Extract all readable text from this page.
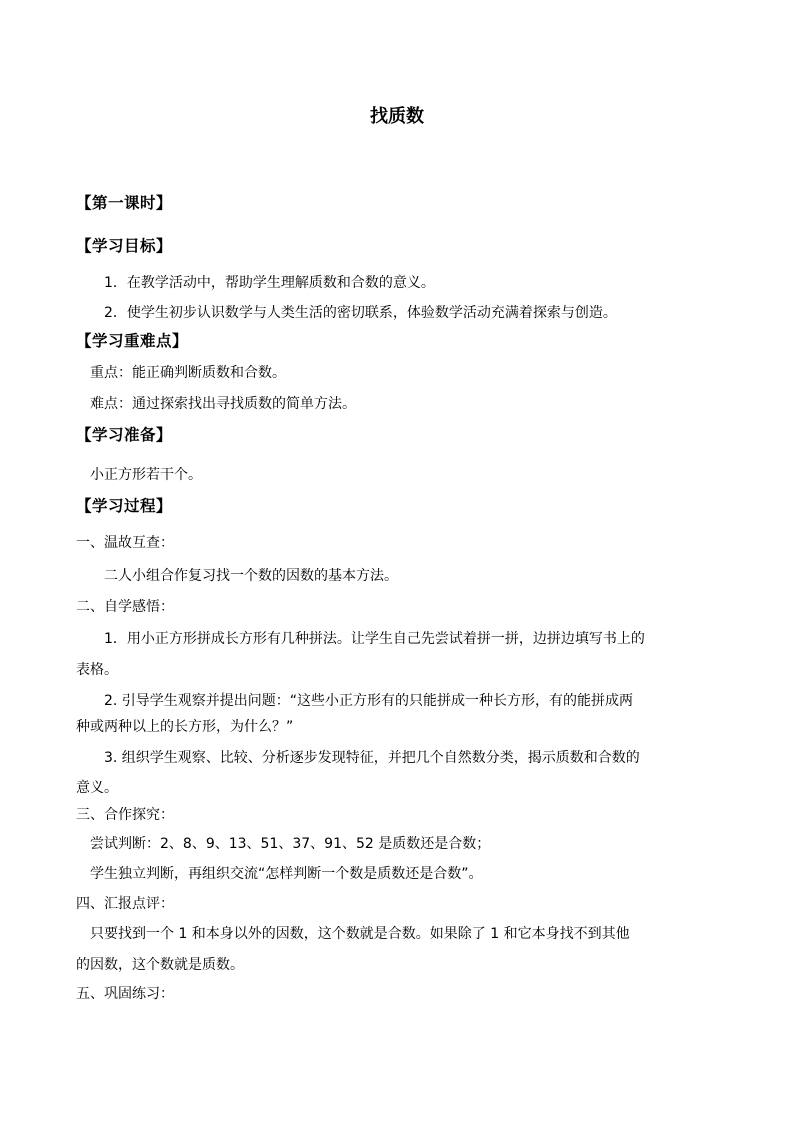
找质数
【第一课时】
【学习目标】
1．在教学活动中，帮助学生理解质数和合数的意义。
2．使学生初步认识数学与人类生活的密切联系，体验数学活动充满着探索与创造。
【学习重难点】
重点：能正确判断质数和合数。
难点：通过探索找出寻找质数的简单方法。
【学习准备】
小正方形若干个。
【学习过程】
一、温故互查：
二人小组合作复习找一个数的因数的基本方法。
二、自学感悟：
1．用小正方形拼成长方形有几种拼法。让学生自己先尝试着拼一拼，边拼边填写书上的
表格。
2. 引导学生观察并提出问题：“这些小正方形有的只能拼成一种长方形，有的能拼成两
种或两种以上的长方形，为什么？”
3. 组织学生观察、比较、分析逐步发现特征，并把几个自然数分类，揭示质数和合数的
意义。
三、合作探究：
尝试判断：2、8、9、13、51、37、91、52 是质数还是合数；
学生独立判断，再组织交流“怎样判断一个数是质数还是合数”。
四、汇报点评：
只要找到一个 1 和本身以外的因数，这个数就是合数。如果除了 1 和它本身找不到其他
的因数，这个数就是质数。
五、巩固练习：
